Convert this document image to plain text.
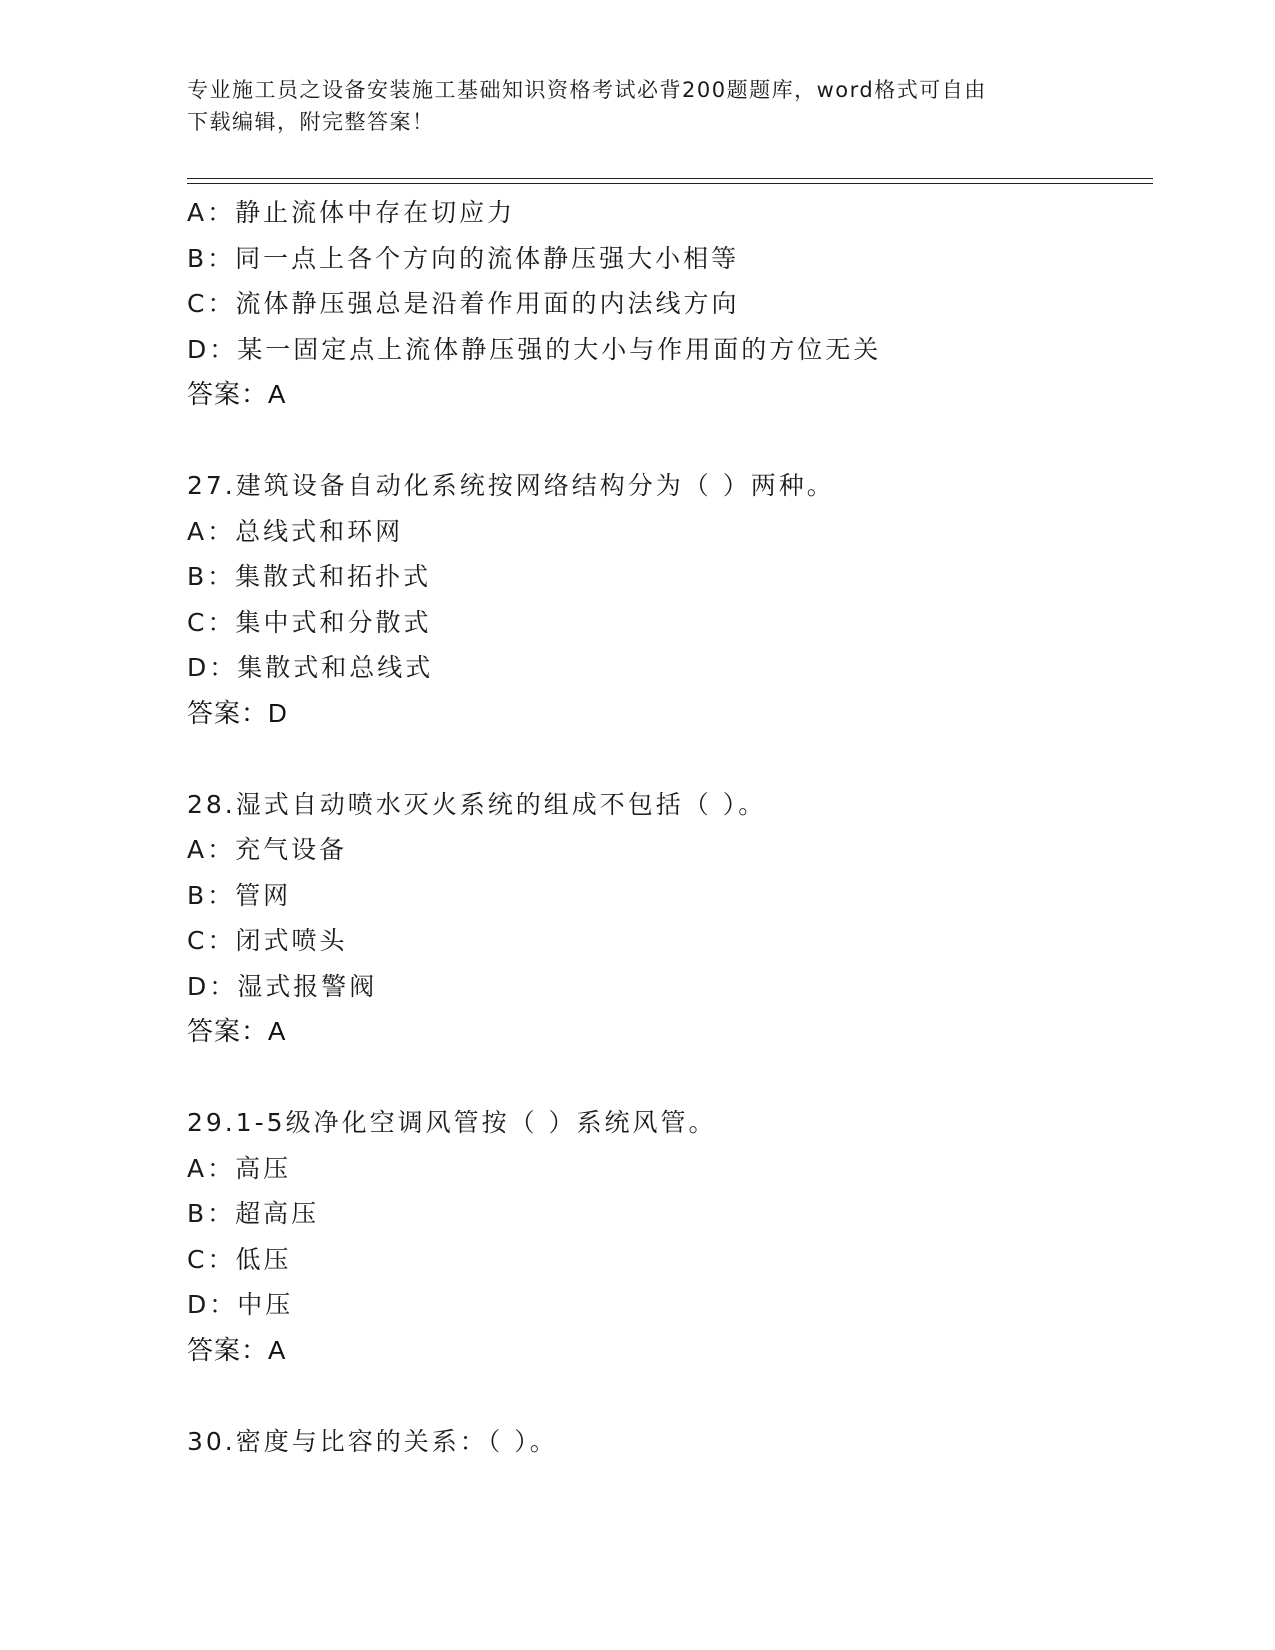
专业施工员之设备安装施工基础知识资格考试必背200题题库，word格式可自由
下载编辑，附完整答案！
A：静止流体中存在切应力
B：同一点上各个方向的流体静压强大小相等
C：流体静压强总是沿着作用面的内法线方向
D：某一固定点上流体静压强的大小与作用面的方位无关
答案：A
27.建筑设备自动化系统按网络结构分为（ ）两种。
A：总线式和环网
B：集散式和拓扑式
C：集中式和分散式
D：集散式和总线式
答案：D
28.湿式自动喷水灭火系统的组成不包括（ ）。
A：充气设备
B：管网
C：闭式喷头
D：湿式报警阀
答案：A
29.1-5级净化空调风管按（ ）系统风管。
A：高压
B：超高压
C：低压
D：中压
答案：A
30.密度与比容的关系：（ ）。
